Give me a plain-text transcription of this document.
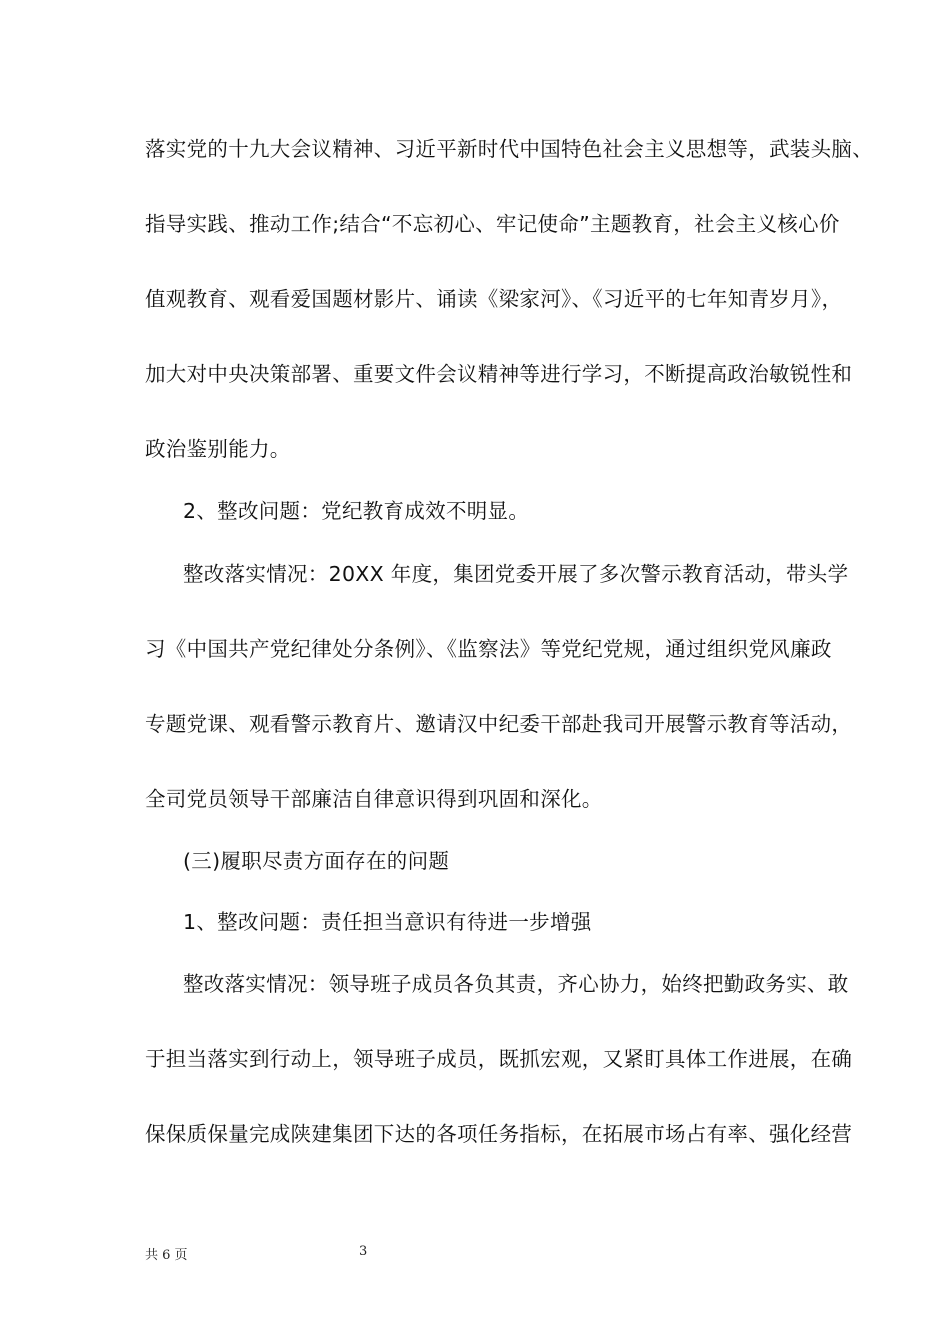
落实党的十九大会议精神、习近平新时代中国特色社会主义思想等，武装头脑、
指导实践、推动工作;结合“不忘初心、牢记使命”主题教育，社会主义核心价
值观教育、观看爱国题材影片、诵读《梁家河》、《习近平的七年知青岁月》，
加大对中央决策部署、重要文件会议精神等进行学习，不断提高政治敏锐性和
政治鉴别能力。
2、整改问题：党纪教育成效不明显。
整改落实情况：20XX 年度，集团党委开展了多次警示教育活动，带头学
习《中国共产党纪律处分条例》、《监察法》等党纪党规，通过组织党风廉政
专题党课、观看警示教育片、邀请汉中纪委干部赴我司开展警示教育等活动，
全司党员领导干部廉洁自律意识得到巩固和深化。
(三)履职尽责方面存在的问题
1、整改问题：责任担当意识有待进一步增强
整改落实情况：领导班子成员各负其责，齐心协力，始终把勤政务实、敢
于担当落实到行动上，领导班子成员，既抓宏观，又紧盯具体工作进展，在确
保保质保量完成陕建集团下达的各项任务指标，在拓展市场占有率、强化经营
共 6 页	3
